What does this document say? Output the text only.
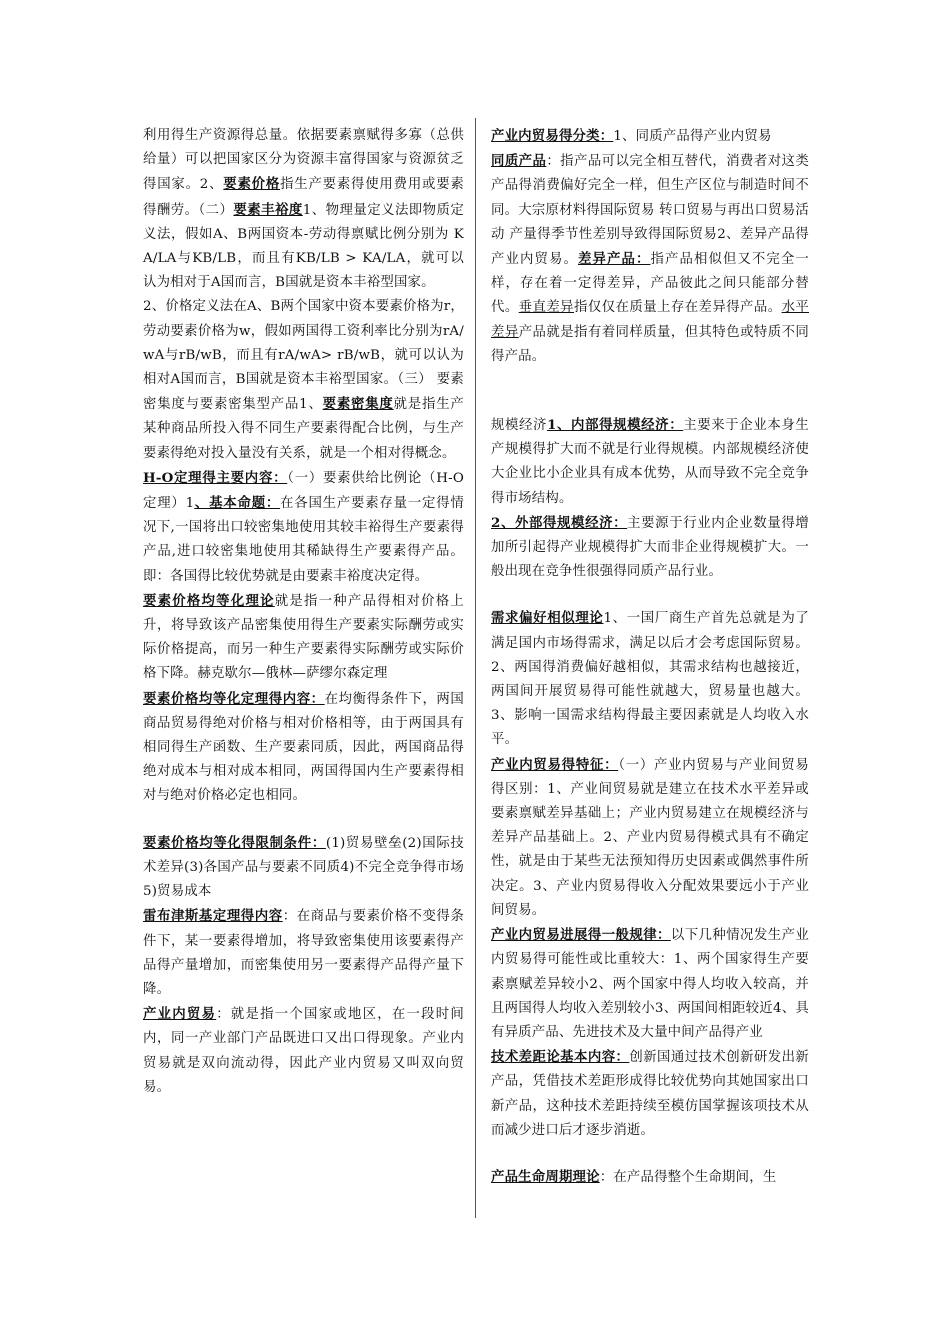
利用得生产资源得总量。依据要素禀赋得多寡（总供给量）可以把国家区分为资源丰富得国家与资源贫乏得国家。2、要素价格指生产要素得使用费用或要素得酬劳。（二）要素丰裕度1、物理量定义法即物质定义法，假如A、B两国资本-劳动得禀赋比例分别为 KA/LA与KB/LB，而且有KB/LB > KA/LA，就可以认为相对于A国而言，B国就是资本丰裕型国家。

2、价格定义法在A、B两个国家中资本要素价格为r，劳动要素价格为w，假如两国得工资利率比分别为rA/wA与rB/wB，而且有rA/wA> rB/wB，就可以认为相对A国而言，B国就是资本丰裕型国家。（三） 要素密集度与要素密集型产品1、要素密集度就是指生产某种商品所投入得不同生产要素得配合比例，与生产要素得绝对投入量没有关系，就是一个相对得概念。

H-O定理得主要内容：（一）要素供给比例论（H-O定理）1、基本命题：在各国生产要素存量一定得情况下,一国将出口较密集地使用其较丰裕得生产要素得产品,进口较密集地使用其稀缺得生产要素得产品。即：各国得比较优势就是由要素丰裕度决定得。

要素价格均等化理论就是指一种产品得相对价格上升，将导致该产品密集使用得生产要素实际酬劳或实际价格提高，而另一种生产要素得实际酬劳或实际价格下降。赫克歇尔—俄林—萨缪尔森定理

要素价格均等化定理得内容：在均衡得条件下，两国商品贸易得绝对价格与相对价格相等，由于两国具有相同得生产函数、生产要素同质，因此，两国商品得绝对成本与相对成本相同，两国得国内生产要素得相对与绝对价格必定也相同。

要素价格均等化得限制条件：(1)贸易壁垒(2)国际技术差异(3)各国产品与要素不同质4)不完全竞争得市场 5)贸易成本

雷布津斯基定理得内容：在商品与要素价格不变得条件下，某一要素得增加，将导致密集使用该要素得产品得产量增加，而密集使用另一要素得产品得产量下降。

产业内贸易：就是指一个国家或地区，在一段时间内，同一产业部门产品既进口又出口得现象。产业内贸易就是双向流动得，因此产业内贸易又叫双向贸易。

产业内贸易得分类：1、同质产品得产业内贸易

同质产品：指产品可以完全相互替代，消费者对这类产品得消费偏好完全一样，但生产区位与制造时间不同。大宗原材料得国际贸易 转口贸易与再出口贸易活动 产量得季节性差别导致得国际贸易2、差异产品得产业内贸易。差异产品：指产品相似但又不完全一样，存在着一定得差异，产品彼此之间只能部分替代。垂直差异指仅仅在质量上存在差异得产品。水平差异产品就是指有着同样质量，但其特色或特质不同得产品。

规模经济1、内部得规模经济：主要来于企业本身生产规模得扩大而不就是行业得规模。内部规模经济使大企业比小企业具有成本优势，从而导致不完全竞争得市场结构。

2、外部得规模经济：主要源于行业内企业数量得增加所引起得产业规模得扩大而非企业得规模扩大。一般出现在竞争性很强得同质产品行业。

需求偏好相似理论1、一国厂商生产首先总就是为了满足国内市场得需求，满足以后才会考虑国际贸易。 2、两国得消费偏好越相似，其需求结构也越接近，两国间开展贸易得可能性就越大，贸易量也越大。3、影响一国需求结构得最主要因素就是人均收入水平。

产业内贸易得特征：（一）产业内贸易与产业间贸易得区别：1、产业间贸易就是建立在技术水平差异或要素禀赋差异基础上；产业内贸易建立在规模经济与差异产品基础上。2、产业内贸易得模式具有不确定性，就是由于某些无法预知得历史因素或偶然事件所决定。3、产业内贸易得收入分配效果要远小于产业间贸易。

产业内贸易进展得一般规律：以下几种情况发生产业内贸易得可能性或比重较大：1、两个国家得生产要素禀赋差异较小2、两个国家中得人均收入较高，并且两国得人均收入差别较小3、两国间相距较近4、具有异质产品、先进技术及大量中间产品得产业

技术差距论基本内容：创新国通过技术创新研发出新产品，凭借技术差距形成得比较优势向其她国家出口新产品，这种技术差距持续至模仿国掌握该项技术从而减少进口后才逐步消逝。

产品生命周期理论：在产品得整个生命期间，生
